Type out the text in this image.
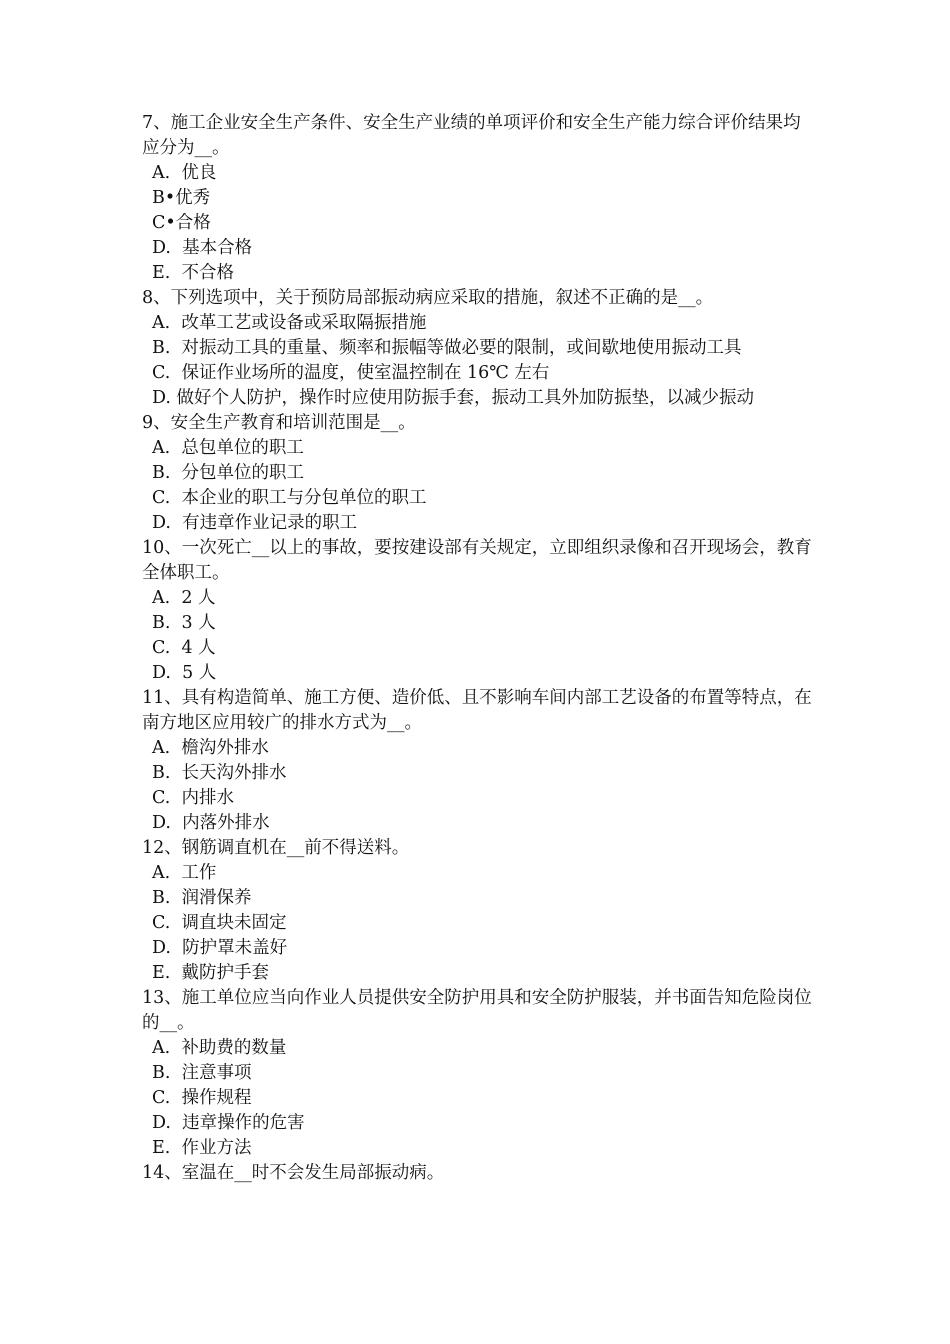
7、施工企业安全生产条件、安全生产业绩的单项评价和安全生产能力综合评价结果均应分为__。

A.  优良

B•优秀

C•合格

D.  基本合格

E.  不合格

8、下列选项中，关于预防局部振动病应采取的措施，叙述不正确的是__。

A.  改革工艺或设备或采取隔振措施

B.  对振动工具的重量、频率和振幅等做必要的限制，或间歇地使用振动工具

C.  保证作业场所的温度，使室温控制在 16℃ 左右

D. 做好个人防护，操作时应使用防振手套，振动工具外加防振垫，以减少振动

9、安全生产教育和培训范围是__。

A.  总包单位的职工

B.  分包单位的职工

C.  本企业的职工与分包单位的职工

D.  有违章作业记录的职工

10、一次死亡__以上的事故，要按建设部有关规定，立即组织录像和召开现场会，教育全体职工。

A.  2 人

B.  3 人

C.  4 人

D.  5 人

11、具有构造简单、施工方便、造价低、且不影响车间内部工艺设备的布置等特点，在南方地区应用较广的排水方式为__。

A.  檐沟外排水

B.  长天沟外排水

C.  内排水

D.  内落外排水

12、钢筋调直机在__前不得送料。

A.  工作

B.  润滑保养

C.  调直块未固定

D.  防护罩未盖好

E.  戴防护手套

13、施工单位应当向作业人员提供安全防护用具和安全防护服装，并书面告知危险岗位的__。

A.  补助费的数量

B.  注意事项

C.  操作规程

D.  违章操作的危害

E.  作业方法

14、室温在__时不会发生局部振动病。
